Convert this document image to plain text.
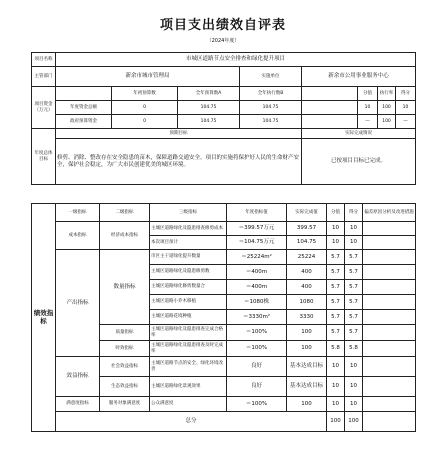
项目支出绩效自评表
（2024年度）
项目名称	市城区道路节点安全排查和绿化提升项目							
主管部门	新余市城市管理局			实施单位	新余市公用事业服务中心			
项目资金（万元）		年初预算数	全年预算数A	全年执行数B		分值	执行率	得分
	年度资金总额	0	104.75	104.75		10	100	10
	政府预算资金	0	104.75	104.75		—	100	—
年度总体目标	预期目标				实际完成情况			
	修剪、消除、整改存在安全隐患的苗木，保障道路交通安全。项目的实施将保护好人民的生命财产安全，保护社会稳定，为广大市民创建优美的城区环境。				已按项目目标已完成。			
绩效指标	一级指标	二级指标	三级指标	年度指标值	实际完成值	分值	得分	偏差原因分析及改进措施
	成本指标	经济成本指标	主城区道路绿化及隐患排查修剪成本	＝399.57万元	399.57	10	10	
			本次项目预计	＝104.75万元	104.75	10	10	
	产出指标	数量指标	市区主干道绿化提升数量	＝25224m²	25224	5.7	5.7	
			主城区道路绿化及隐患修剪数	＝400m	400	5.7	5.7	
			主城区道路绿化修剪数量合	＝400m	400	5.7	5.7	
			主城区道路小乔木移植	＝1080株	1080	5.7	5.7	
			主城区道路花境种植	＝3330m²	3330	5.7	5.7	
		质量指标	主城区道路绿化及隐患排查完成合格率	＝100%	100	5.7	5.7	
		时效指标	主城区道路绿化及隐患排查及时完成率	＝100%	100	5.8	5.8	
	效益指标	社会效益指标	主城区道路节点的安全、绿化环境改善	良好	基本达成目标	10	10	
		生态效益指标	主城区道路绿化景观效果	良好	基本达成目标	10	10	
	满意度指标	服务对象满意度	公众满意度	＝100%	100	10	10	
	总分					100	100	
